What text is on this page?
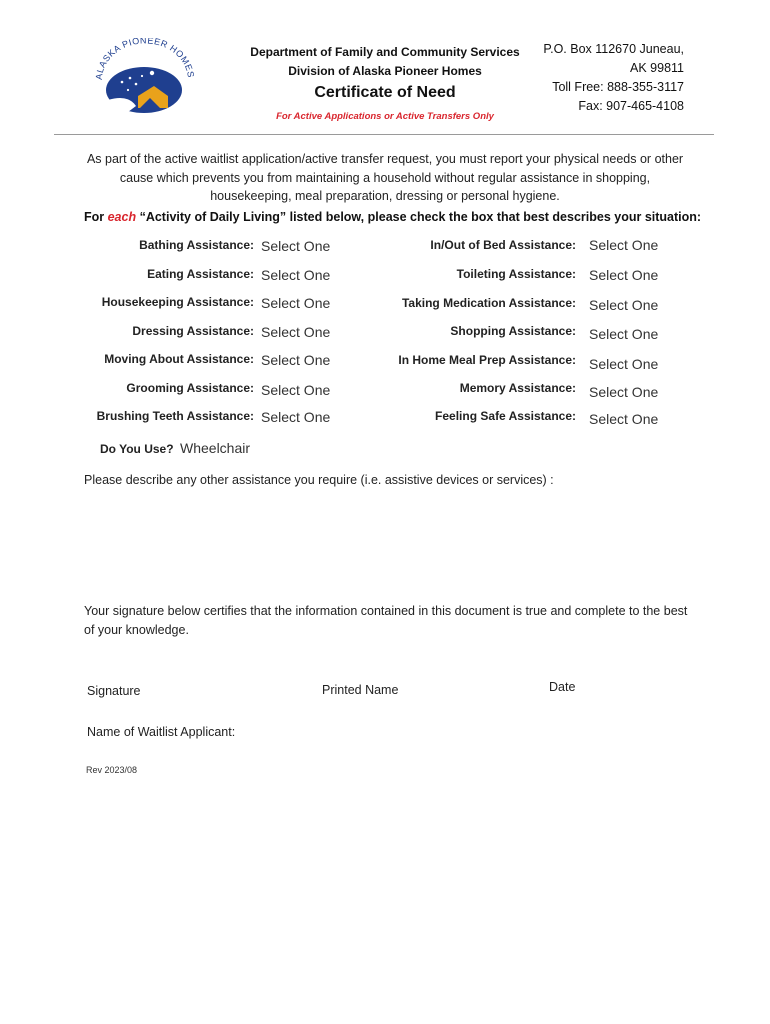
ALASKA PIONEER HOMES
Department of Family and Community Services
Division of Alaska Pioneer Homes
Certificate of Need
For Active Applications or Active Transfers Only
P.O. Box 112670 Juneau,
AK 99811
Toll Free: 888-355-3117
Fax: 907-465-4108
As part of the active waitlist application/active transfer request, you must report your physical needs or other cause which prevents you from maintaining a household without regular assistance in shopping, housekeeping, meal preparation, dressing or personal hygiene.
For each “Activity of Daily Living” listed below, please check the box that best describes your situation:
Bathing Assistance: Select One
Eating Assistance: Select One
Housekeeping Assistance: Select One
Dressing Assistance: Select One
Moving About Assistance: Select One
Grooming Assistance: Select One
Brushing Teeth Assistance: Select One
In/Out of Bed Assistance: Select One
Toileting Assistance: Select One
Taking Medication Assistance: Select One
Shopping Assistance: Select One
In Home Meal Prep Assistance: Select One
Memory Assistance: Select One
Feeling Safe Assistance: Select One
Do You Use? Wheelchair
Please describe any other assistance you require (i.e. assistive devices or services) :
Your signature below certifies that the information contained in this document is true and complete to the best of your knowledge.
Signature	Printed Name	Date
Name of Waitlist Applicant:
Rev 2023/08
